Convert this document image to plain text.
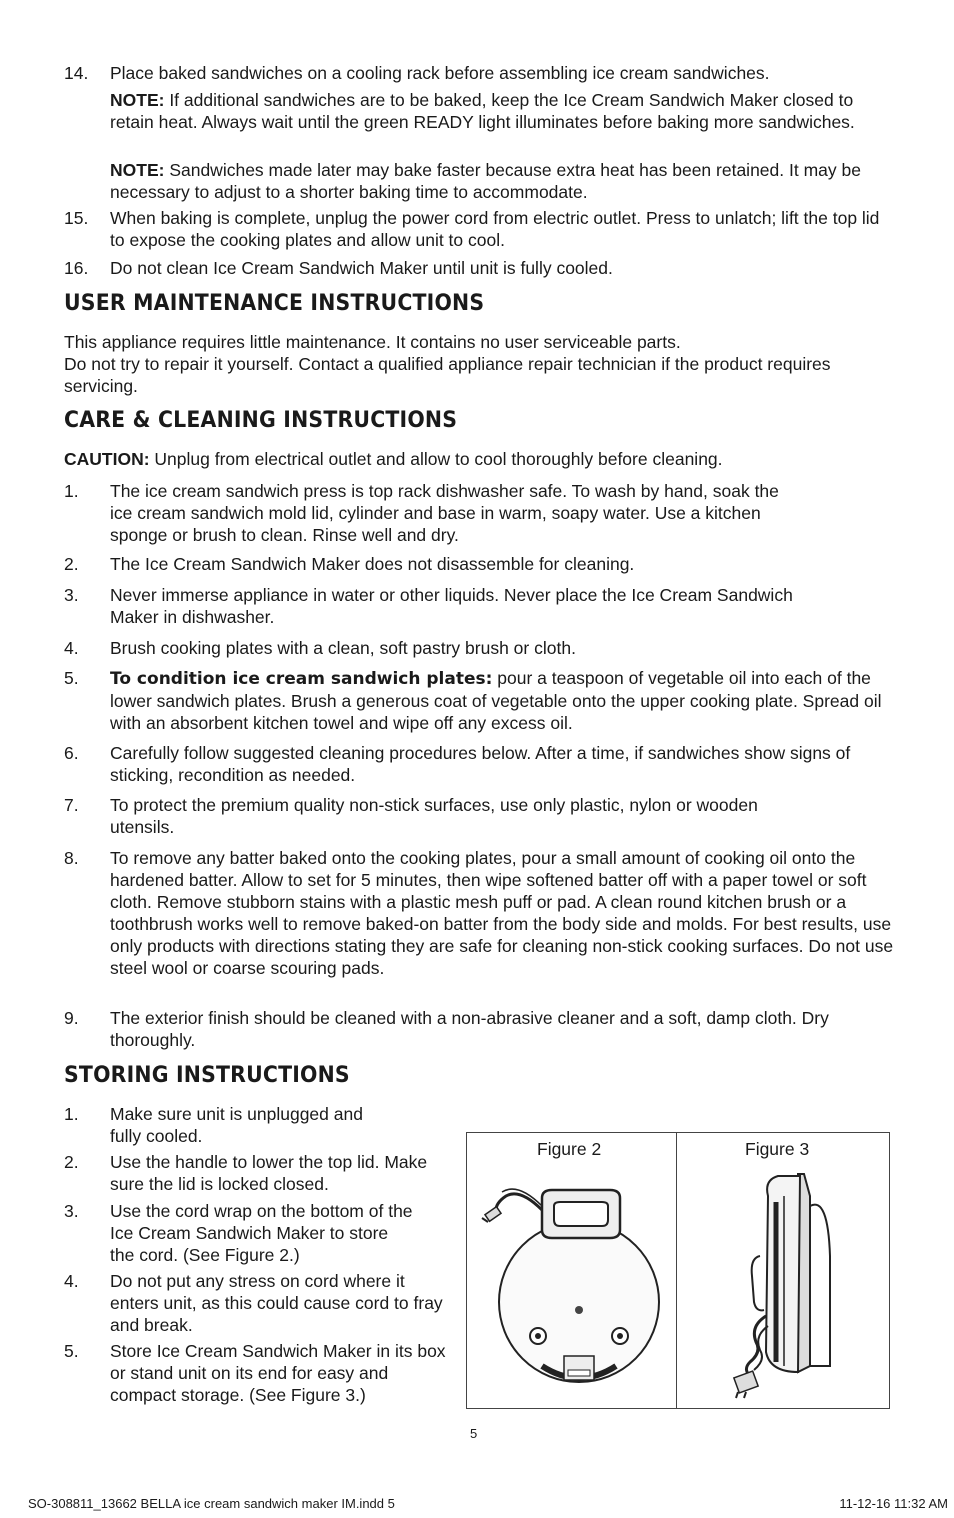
14.	Place baked sandwiches on a cooling rack before assembling ice cream sandwiches.
NOTE: If additional sandwiches are to be baked, keep the Ice Cream Sandwich Maker closed to retain heat. Always wait until the green READY light illuminates before baking more sandwiches.
NOTE: Sandwiches made later may bake faster because extra heat has been retained. It may be necessary to adjust to a shorter baking time to accommodate.
15.	When baking is complete, unplug the power cord from electric outlet. Press to unlatch; lift the top lid to expose the cooking plates and allow unit to cool.
16.	Do not clean Ice Cream Sandwich Maker until unit is fully cooled.
USER MAINTENANCE INSTRUCTIONS
This appliance requires little maintenance. It contains no user serviceable parts.
Do not try to repair it yourself. Contact a qualified appliance repair technician if the product requires servicing.
CARE & CLEANING INSTRUCTIONS
CAUTION: Unplug from electrical outlet and allow to cool thoroughly before cleaning.
1.	The ice cream sandwich press is top rack dishwasher safe. To wash by hand, soak the ice cream sandwich mold lid, cylinder and base in warm, soapy water. Use a kitchen sponge or brush to clean. Rinse well and dry.
2.	The Ice Cream Sandwich Maker does not disassemble for cleaning.
3.	Never immerse appliance in water or other liquids. Never place the Ice Cream Sandwich Maker in dishwasher.
4.	Brush cooking plates with a clean, soft pastry brush or cloth.
5.	To condition ice cream sandwich plates: pour a teaspoon of vegetable oil into each of the lower sandwich plates. Brush a generous coat of vegetable onto the upper cooking plate. Spread oil with an absorbent kitchen towel and wipe off any excess oil.
6.	Carefully follow suggested cleaning procedures below. After a time, if sandwiches show signs of sticking, recondition as needed.
7.	To protect the premium quality non-stick surfaces, use only plastic, nylon or wooden utensils.
8.	To remove any batter baked onto the cooking plates, pour a small amount of cooking oil onto the hardened batter. Allow to set for 5 minutes, then wipe softened batter off with a paper towel or soft cloth. Remove stubborn stains with a plastic mesh puff or pad. A clean round kitchen brush or a toothbrush works well to remove baked-on batter from the body side and molds. For best results, use only products with directions stating they are safe for cleaning non-stick cooking surfaces. Do not use steel wool or coarse scouring pads.
9.	The exterior finish should be cleaned with a non-abrasive cleaner and a soft, damp cloth. Dry thoroughly.
STORING INSTRUCTIONS
1.	Make sure unit is unplugged and fully cooled.
2.	Use the handle to lower the top lid. Make sure the lid is locked closed.
3.	Use the cord wrap on the bottom of the Ice Cream Sandwich Maker to store the cord. (See Figure 2.)
4.	Do not put any stress on cord where it enters unit, as this could cause cord to fray and break.
5.	Store Ice Cream Sandwich Maker in its box or stand unit on its end for easy and compact storage. (See Figure 3.)
Figure 2	Figure 3
5
SO-308811_13662 BELLA ice cream sandwich maker IM.indd 5	11-12-16 11:32 AM
